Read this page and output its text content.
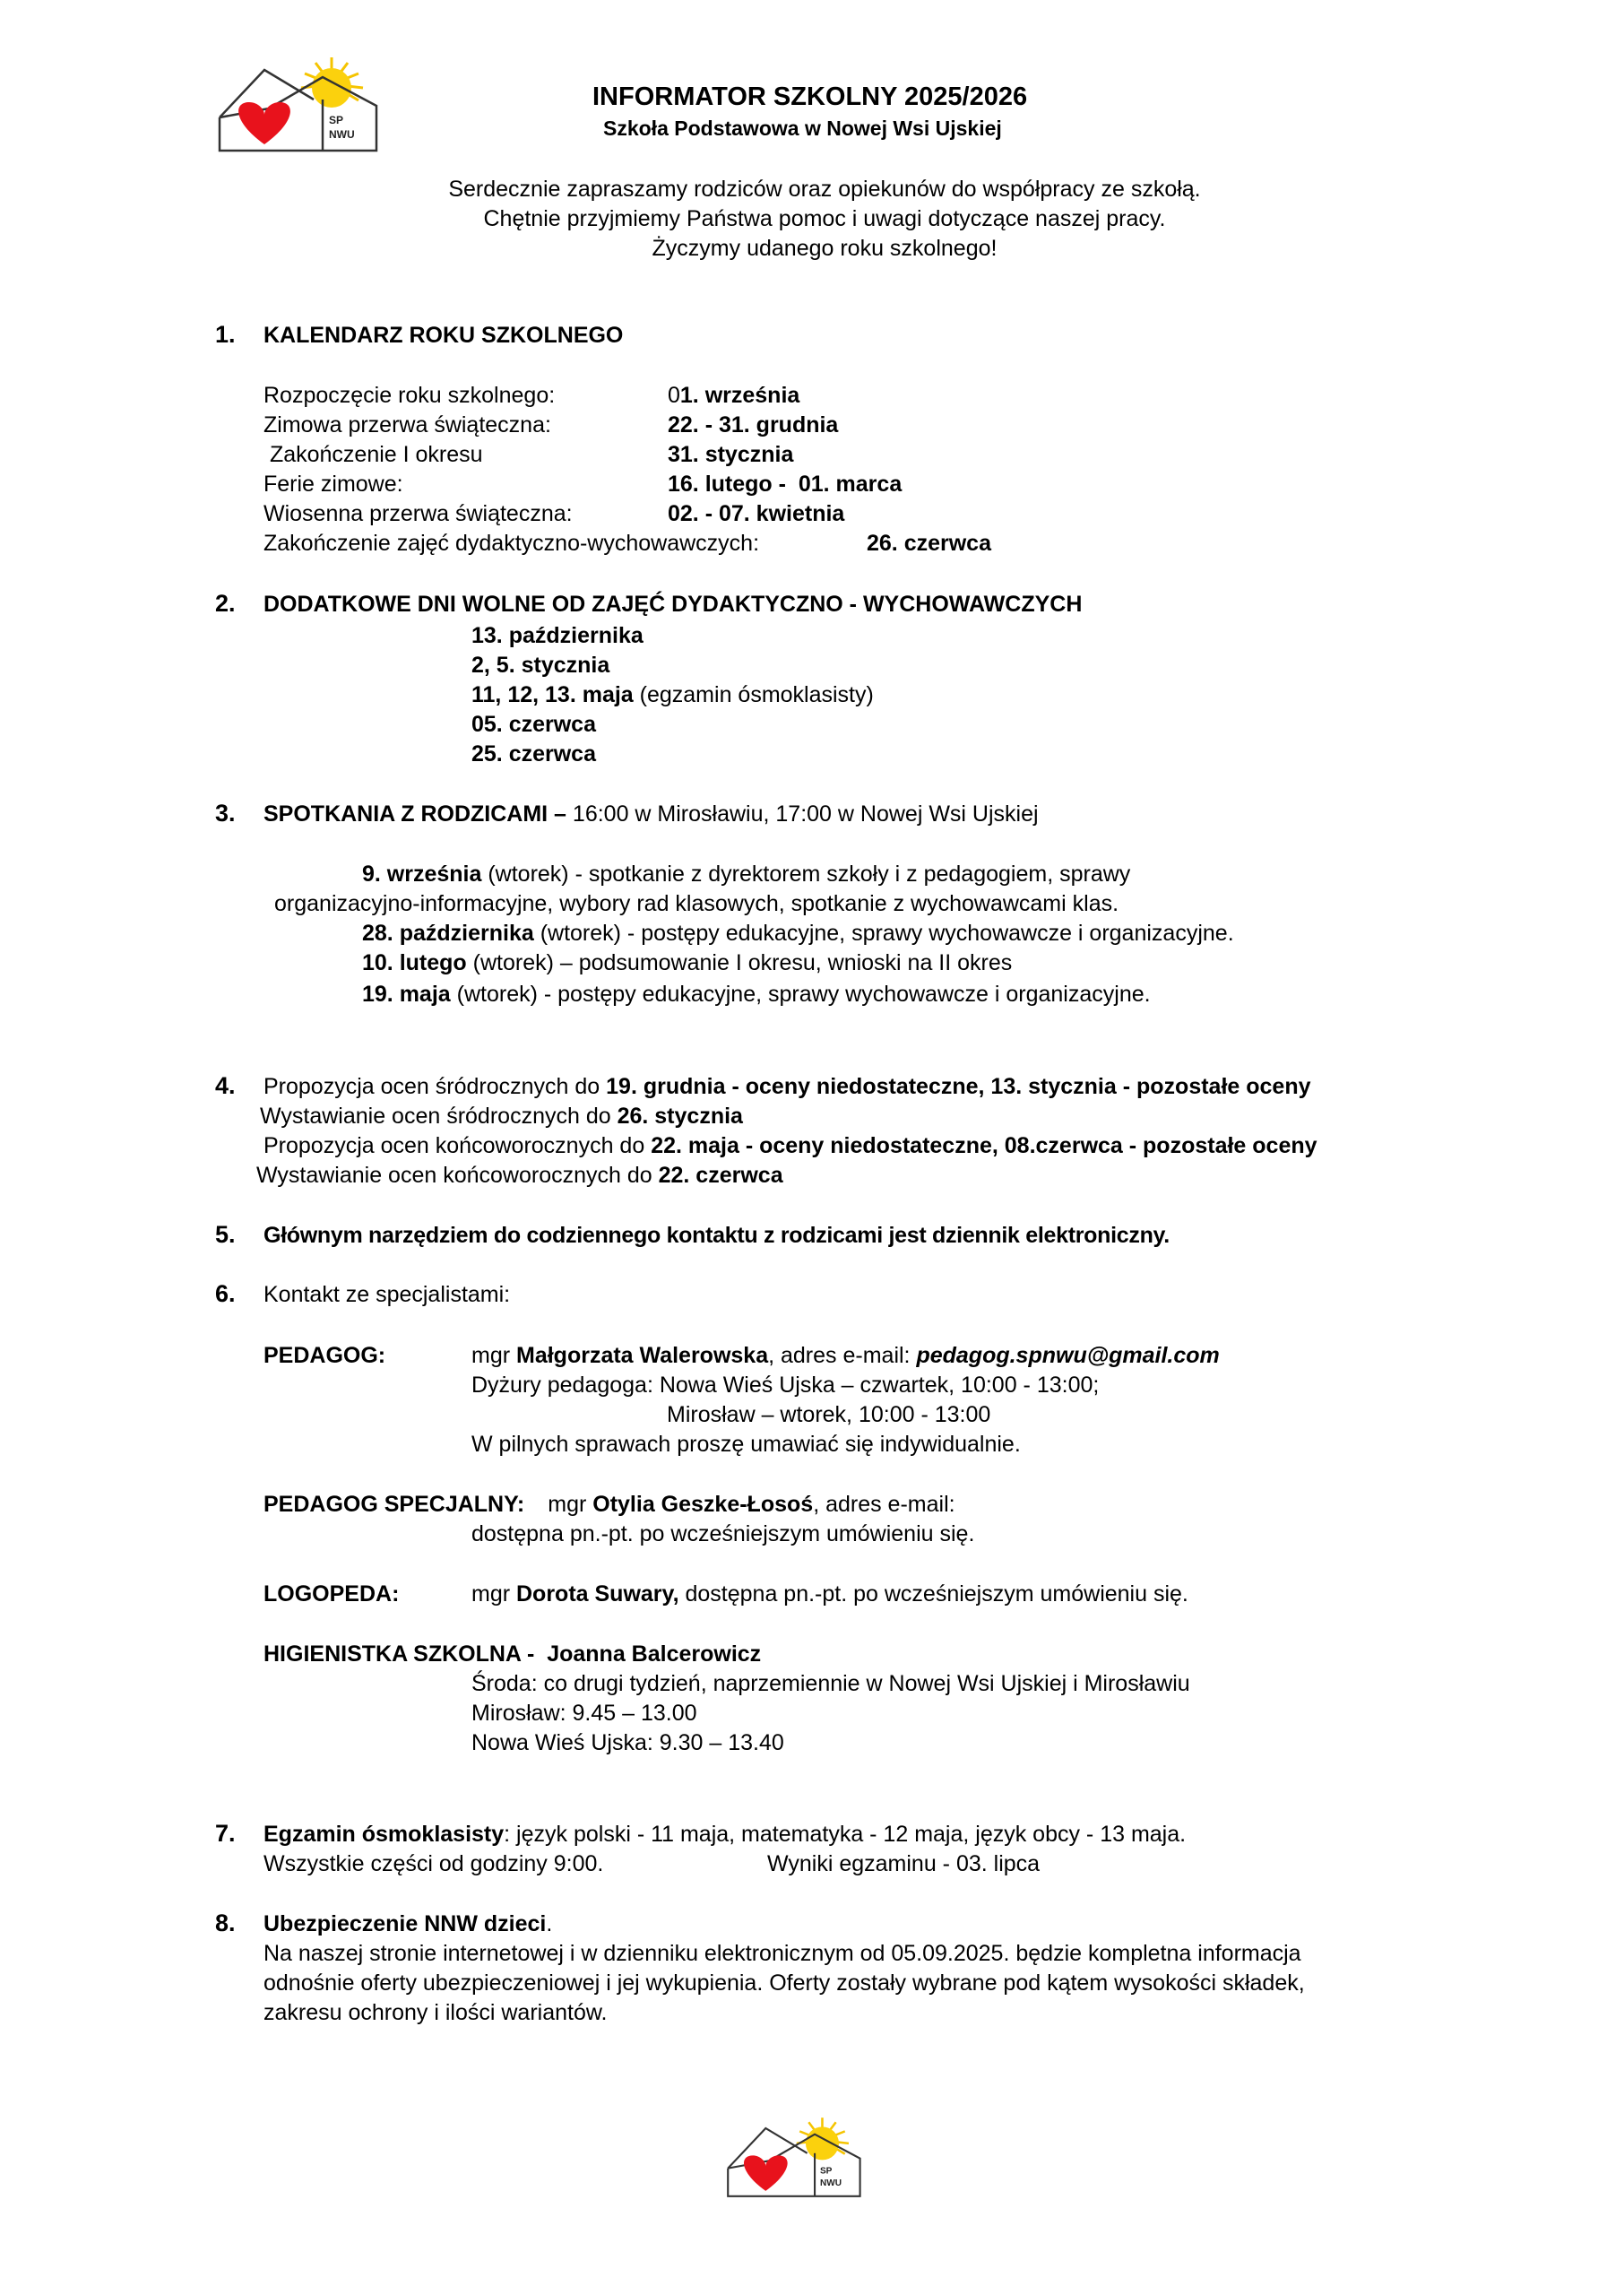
SP
NWU
INFORMATOR SZKOLNY 2025/2026
Szkoła Podstawowa w Nowej Wsi Ujskiej
Serdecznie zapraszamy rodziców oraz opiekunów do współpracy ze szkołą.
Chętnie przyjmiemy Państwa pomoc i uwagi dotyczące naszej pracy.
Życzymy udanego roku szkolnego!
1. KALENDARZ ROKU SZKOLNEGO
Rozpoczęcie roku szkolnego:	01. września
Zimowa przerwa świąteczna:	22. - 31. grudnia
Zakończenie I okresu	31. stycznia
Ferie zimowe:	16. lutego -  01. marca
Wiosenna przerwa świąteczna:	02. - 07. kwietnia
Zakończenie zajęć dydaktyczno-wychowawczych:	26. czerwca
2. DODATKOWE DNI WOLNE OD ZAJĘĆ DYDAKTYCZNO - WYCHOWAWCZYCH
13. października
2, 5. stycznia
11, 12, 13. maja (egzamin ósmoklasisty)
05. czerwca
25. czerwca
3. SPOTKANIA Z RODZICAMI – 16:00 w Mirosławiu, 17:00 w Nowej Wsi Ujskiej
9. września (wtorek) - spotkanie z dyrektorem szkoły i z pedagogiem, sprawy
organizacyjno-informacyjne, wybory rad klasowych, spotkanie z wychowawcami klas.
28. października (wtorek) - postępy edukacyjne, sprawy wychowawcze i organizacyjne.
10. lutego (wtorek) – podsumowanie I okresu, wnioski na II okres
19. maja (wtorek) - postępy edukacyjne, sprawy wychowawcze i organizacyjne.
4. Propozycja ocen śródrocznych do 19. grudnia - oceny niedostateczne, 13. stycznia - pozostałe oceny
Wystawianie ocen śródrocznych do 26. stycznia
Propozycja ocen końcoworocznych do 22. maja - oceny niedostateczne, 08.czerwca - pozostałe oceny
Wystawianie ocen końcoworocznych do 22. czerwca
5. Głównym narzędziem do codziennego kontaktu z rodzicami jest dziennik elektroniczny.
6. Kontakt ze specjalistami:
PEDAGOG:	mgr Małgorzata Walerowska, adres e-mail: pedagog.spnwu@gmail.com
Dyżury pedagoga: Nowa Wieś Ujska – czwartek, 10:00 - 13:00;
Mirosław – wtorek, 10:00 - 13:00
W pilnych sprawach proszę umawiać się indywidualnie.
PEDAGOG SPECJALNY: mgr Otylia Geszke-Łosoś, adres e-mail:
dostępna pn.-pt. po wcześniejszym umówieniu się.
LOGOPEDA:	mgr Dorota Suwary, dostępna pn.-pt. po wcześniejszym umówieniu się.
HIGIENISTKA SZKOLNA -  Joanna Balcerowicz
Środa: co drugi tydzień, naprzemiennie w Nowej Wsi Ujskiej i Mirosławiu
Mirosław: 9.45 – 13.00
Nowa Wieś Ujska: 9.30 – 13.40
7. Egzamin ósmoklasisty: język polski - 11 maja, matematyka - 12 maja, język obcy - 13 maja.
Wszystkie części od godziny 9:00.	Wyniki egzaminu - 03. lipca
8. Ubezpieczenie NNW dzieci.
Na naszej stronie internetowej i w dzienniku elektronicznym od 05.09.2025. będzie kompletna informacja
odnośnie oferty ubezpieczeniowej i jej wykupienia. Oferty zostały wybrane pod kątem wysokości składek,
zakresu ochrony i ilości wariantów.
SP
NWU
